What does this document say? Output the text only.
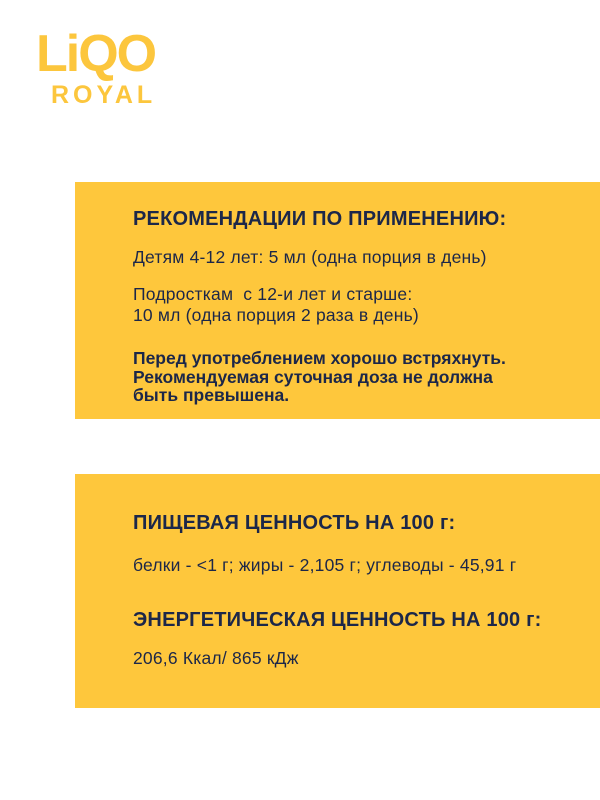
LiQO
ROYAL
РЕКОМЕНДАЦИИ ПО ПРИМЕНЕНИЮ:
Детям 4-12 лет: 5 мл (одна порция в день)
Подросткам  с 12-и лет и старше:
10 мл (одна порция 2 раза в день)
Перед употреблением хорошо встряхнуть.
Рекомендуемая суточная доза не должна
быть превышена.
ПИЩЕВАЯ ЦЕННОСТЬ НА 100 г:
белки - <1 г; жиры - 2,105 г; углеводы - 45,91 г
ЭНЕРГЕТИЧЕСКАЯ ЦЕННОСТЬ НА 100 г:
206,6 Ккал/ 865 кДж
